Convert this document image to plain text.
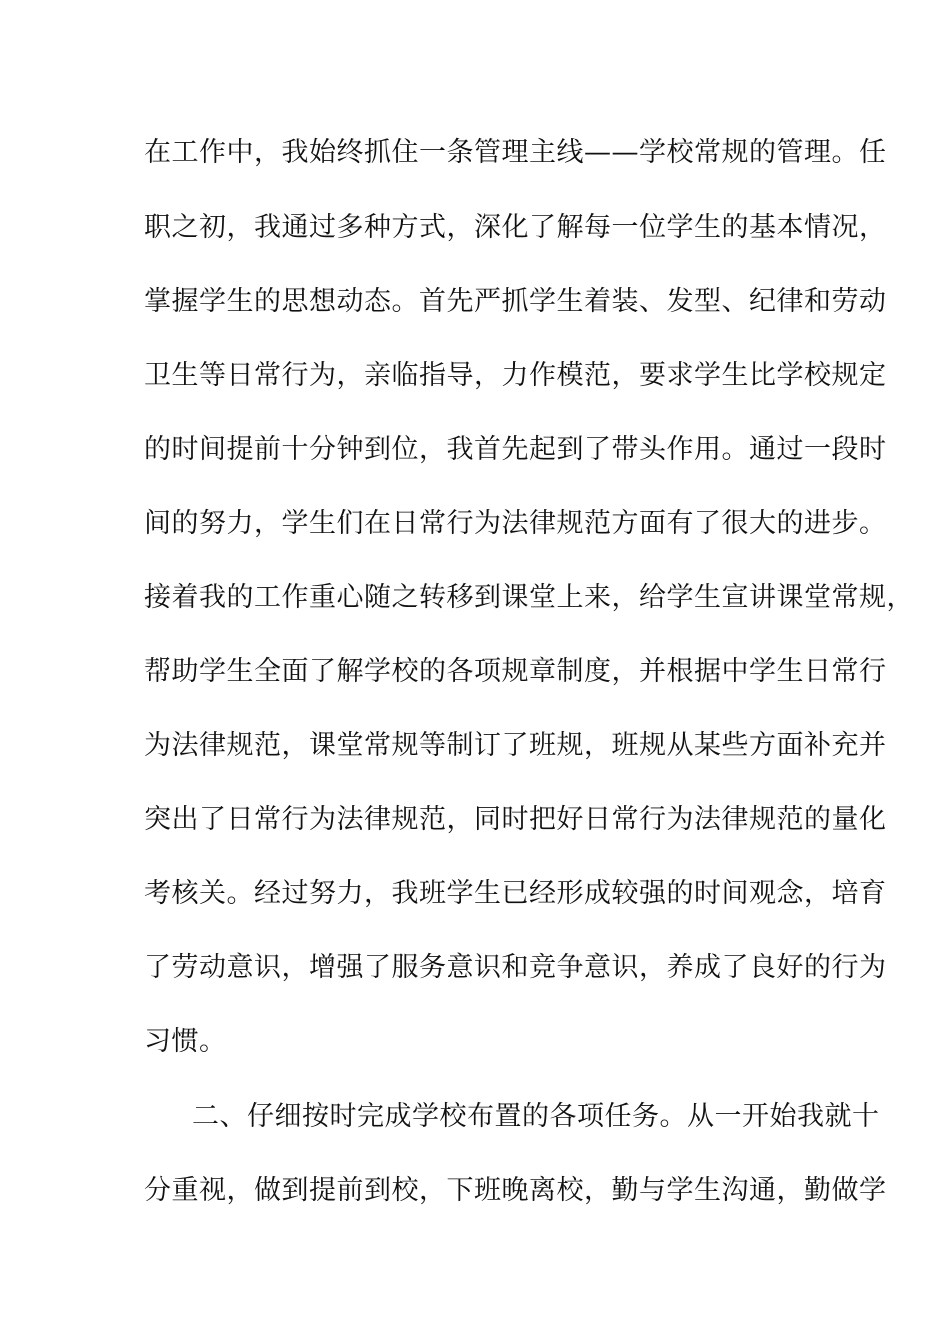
在工作中，我始终抓住一条管理主线——学校常规的管理。任
职之初，我通过多种方式，深化了解每一位学生的基本情况，
掌握学生的思想动态。首先严抓学生着装、发型、纪律和劳动
卫生等日常行为，亲临指导，力作模范，要求学生比学校规定
的时间提前十分钟到位，我首先起到了带头作用。通过一段时
间的努力，学生们在日常行为法律规范方面有了很大的进步。
接着我的工作重心随之转移到课堂上来，给学生宣讲课堂常规，
帮助学生全面了解学校的各项规章制度，并根据中学生日常行
为法律规范，课堂常规等制订了班规，班规从某些方面补充并
突出了日常行为法律规范，同时把好日常行为法律规范的量化
考核关。经过努力，我班学生已经形成较强的时间观念，培育
了劳动意识，增强了服务意识和竞争意识，养成了良好的行为
习惯。
二、仔细按时完成学校布置的各项任务。从一开始我就十
分重视，做到提前到校，下班晚离校，勤与学生沟通，勤做学
